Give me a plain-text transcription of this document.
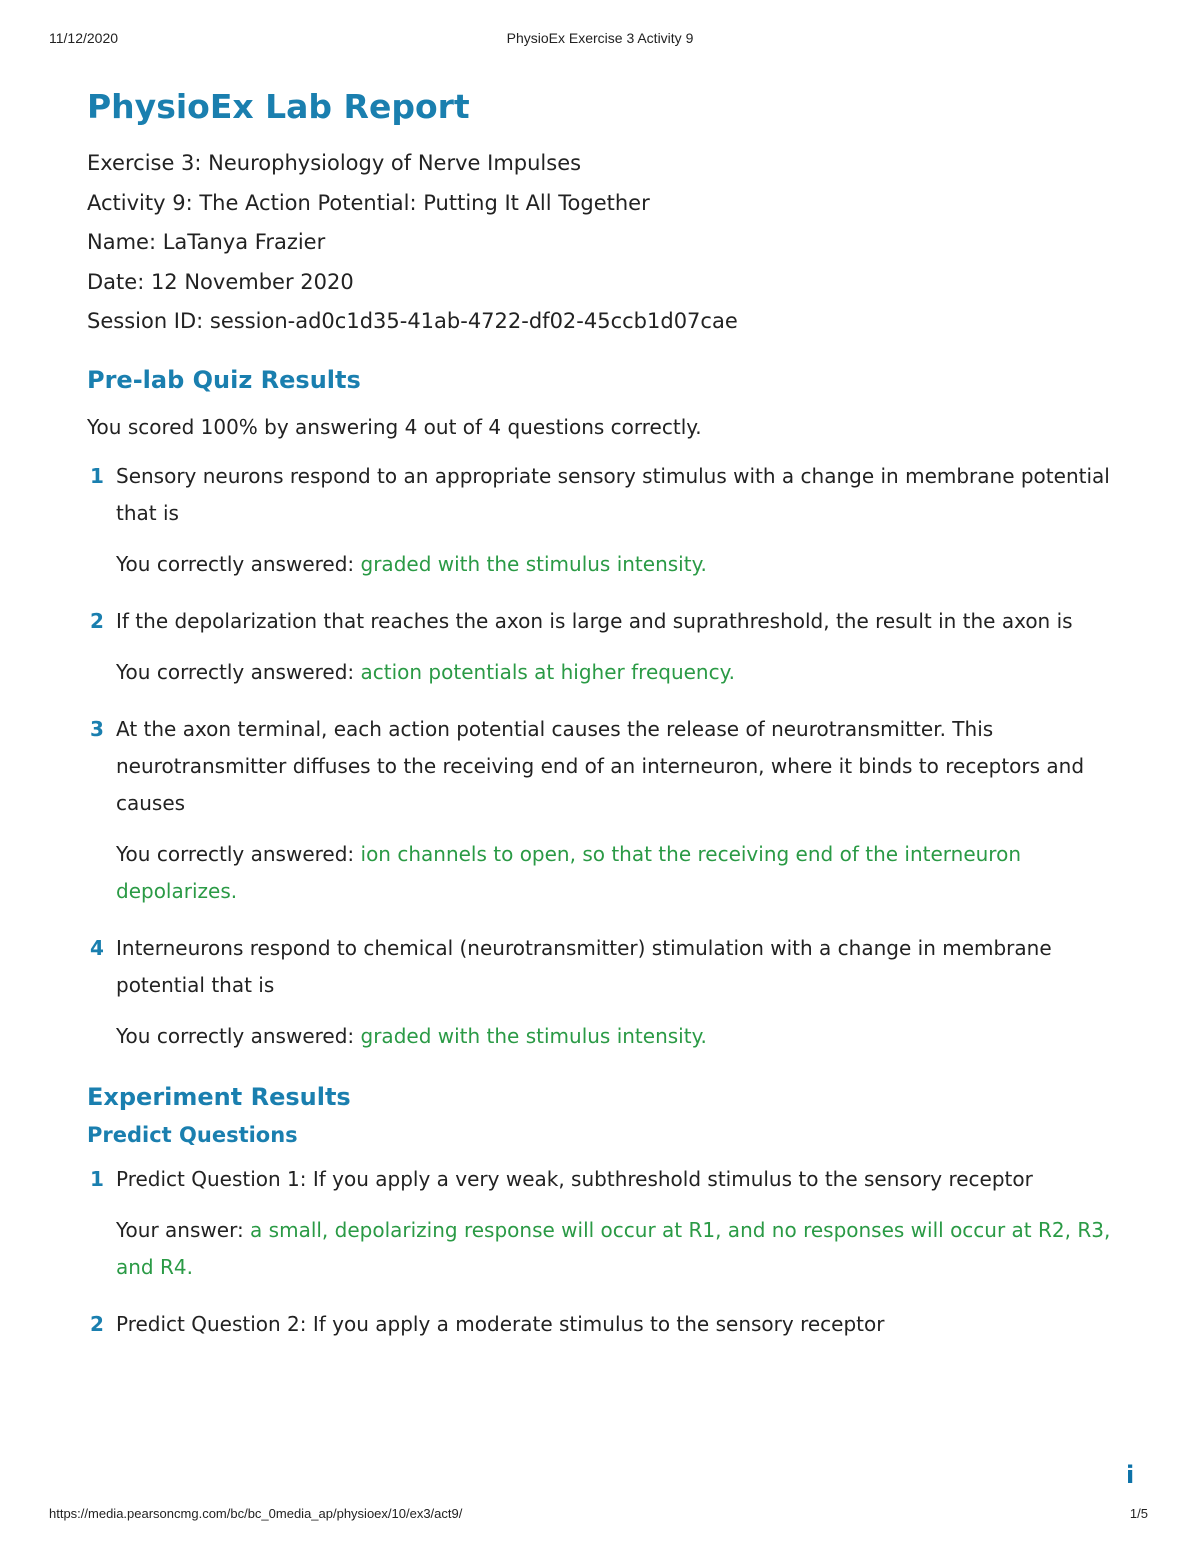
11/12/2020	PhysioEx Exercise 3 Activity 9
PhysioEx Lab Report
Exercise 3: Neurophysiology of Nerve Impulses
Activity 9: The Action Potential: Putting It All Together
Name: LaTanya Frazier
Date: 12 November 2020
Session ID: session-ad0c1d35-41ab-4722-df02-45ccb1d07cae
Pre-lab Quiz Results
You scored 100% by answering 4 out of 4 questions correctly.
1 Sensory neurons respond to an appropriate sensory stimulus with a change in membrane potential that is
You correctly answered: graded with the stimulus intensity.
2 If the depolarization that reaches the axon is large and suprathreshold, the result in the axon is
You correctly answered: action potentials at higher frequency.
3 At the axon terminal, each action potential causes the release of neurotransmitter. This neurotransmitter diffuses to the receiving end of an interneuron, where it binds to receptors and causes
You correctly answered: ion channels to open, so that the receiving end of the interneuron depolarizes.
4 Interneurons respond to chemical (neurotransmitter) stimulation with a change in membrane potential that is
You correctly answered: graded with the stimulus intensity.
Experiment Results
Predict Questions
1 Predict Question 1: If you apply a very weak, subthreshold stimulus to the sensory receptor
Your answer: a small, depolarizing response will occur at R1, and no responses will occur at R2, R3, and R4.
2 Predict Question 2: If you apply a moderate stimulus to the sensory receptor
i
https://media.pearsoncmg.com/bc/bc_0media_ap/physioex/10/ex3/act9/	1/5
